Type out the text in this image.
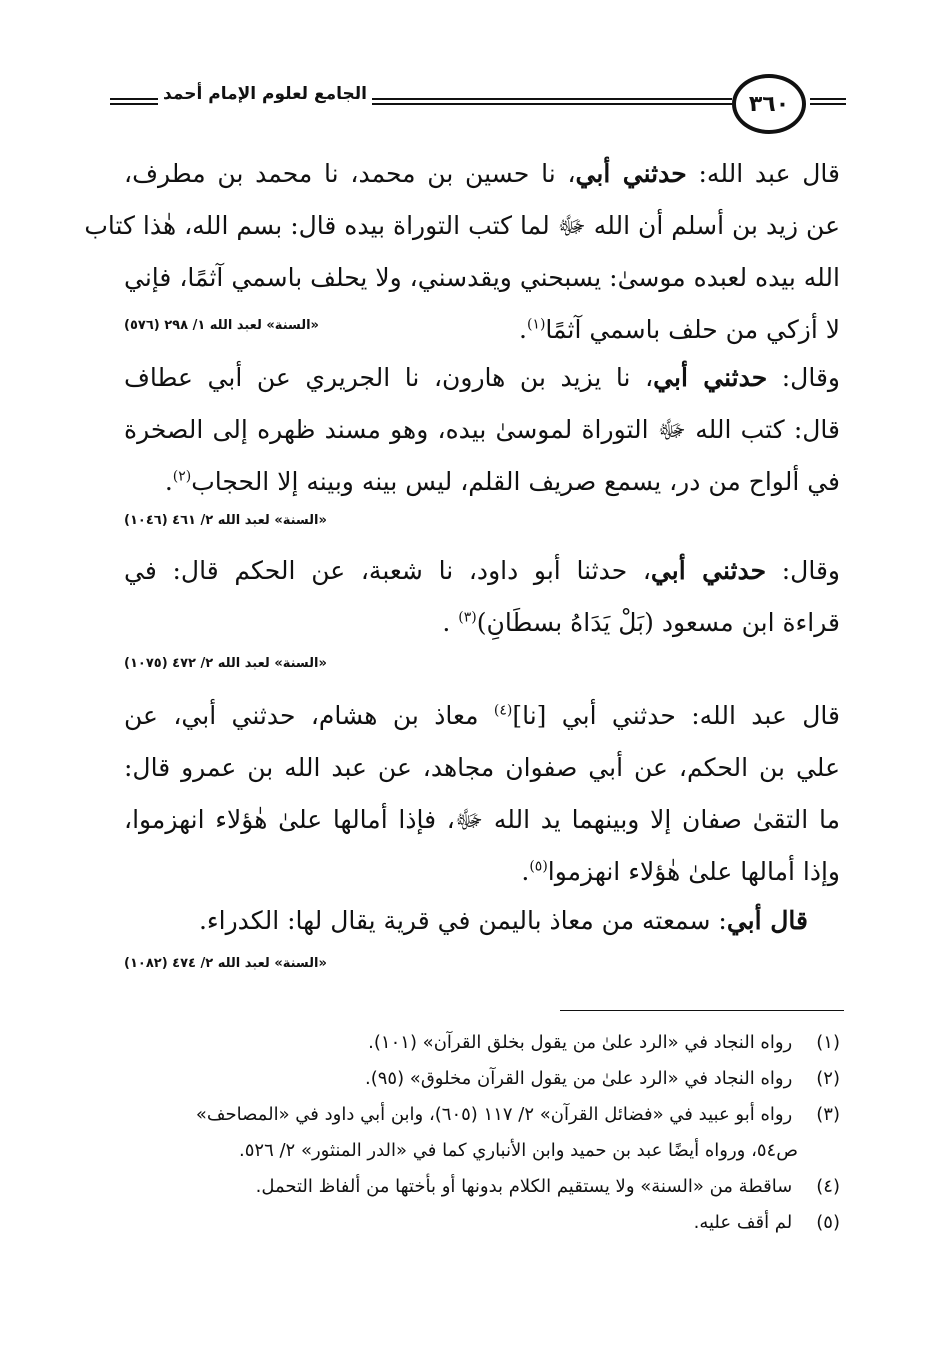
الجامع لعلوم الإمام أحمد	٣٦٠
قال عبد الله: حدثني أبي، نا حسين بن محمد، نا محمد بن مطرف،
عن زيد بن أسلم أن الله ﷻ لما كتب التوراة بيده قال: بسم الله، هٰذا كتاب
الله بيده لعبده موسىٰ: يسبحني ويقدسني، ولا يحلف باسمي آثمًا، فإني
لا أزكي من حلف باسمي آثمًا$^{(١)}$.
«السنة» لعبد الله ١/ ٢٩٨ (٥٧٦)
وقال: حدثني أبي، نا يزيد بن هارون، نا الجريري عن أبي عطاف
قال: كتب الله ﷻ التوراة لموسىٰ بيده، وهو مسند ظهره إلى الصخرة
في ألواح من در، يسمع صريف القلم، ليس بينه وبينه إلا الحجاب$^{(٢)}$.
«السنة» لعبد الله ٢/ ٤٦١ (١٠٤٦)
وقال: حدثني أبي، حدثنا أبو داود، نا شعبة، عن الحكم قال: في
قراءة ابن مسعود (بَلْ يَدَاهُ بسطَانِ)$^{(٣)}$ .
«السنة» لعبد الله ٢/ ٤٧٢ (١٠٧٥)
قال عبد الله: حدثني أبي [نا]$^{(٤)}$ معاذ بن هشام، حدثني أبي، عن
علي بن الحكم، عن أبي صفوان مجاهد، عن عبد الله بن عمرو قال:
ما التقىٰ صفان إلا وبينهما يد الله ﷻ، فإذا أمالها علىٰ هٰؤلاء انهزموا،
وإذا أمالها علىٰ هٰؤلاء انهزموا$^{(٥)}$.
قال أبي: سمعته من معاذ باليمن في قرية يقال لها: الكدراء.
«السنة» لعبد الله ٢/ ٤٧٤ (١٠٨٢)
(١) رواه النجاد في «الرد علىٰ من يقول بخلق القرآن» (١٠١).
(٢) رواه النجاد في «الرد علىٰ من يقول القرآن مخلوق» (٩٥).
(٣) رواه أبو عبيد في «فضائل القرآن» ٢/ ١١٧ (٦٠٥)، وابن أبي داود في «المصاحف»
ص٥٤، ورواه أيضًا عبد بن حميد وابن الأنباري كما في «الدر المنثور» ٢/ ٥٢٦.
(٤) ساقطة من «السنة» ولا يستقيم الكلام بدونها أو بأختها من ألفاظ التحمل.
(٥) لم أقف عليه.
